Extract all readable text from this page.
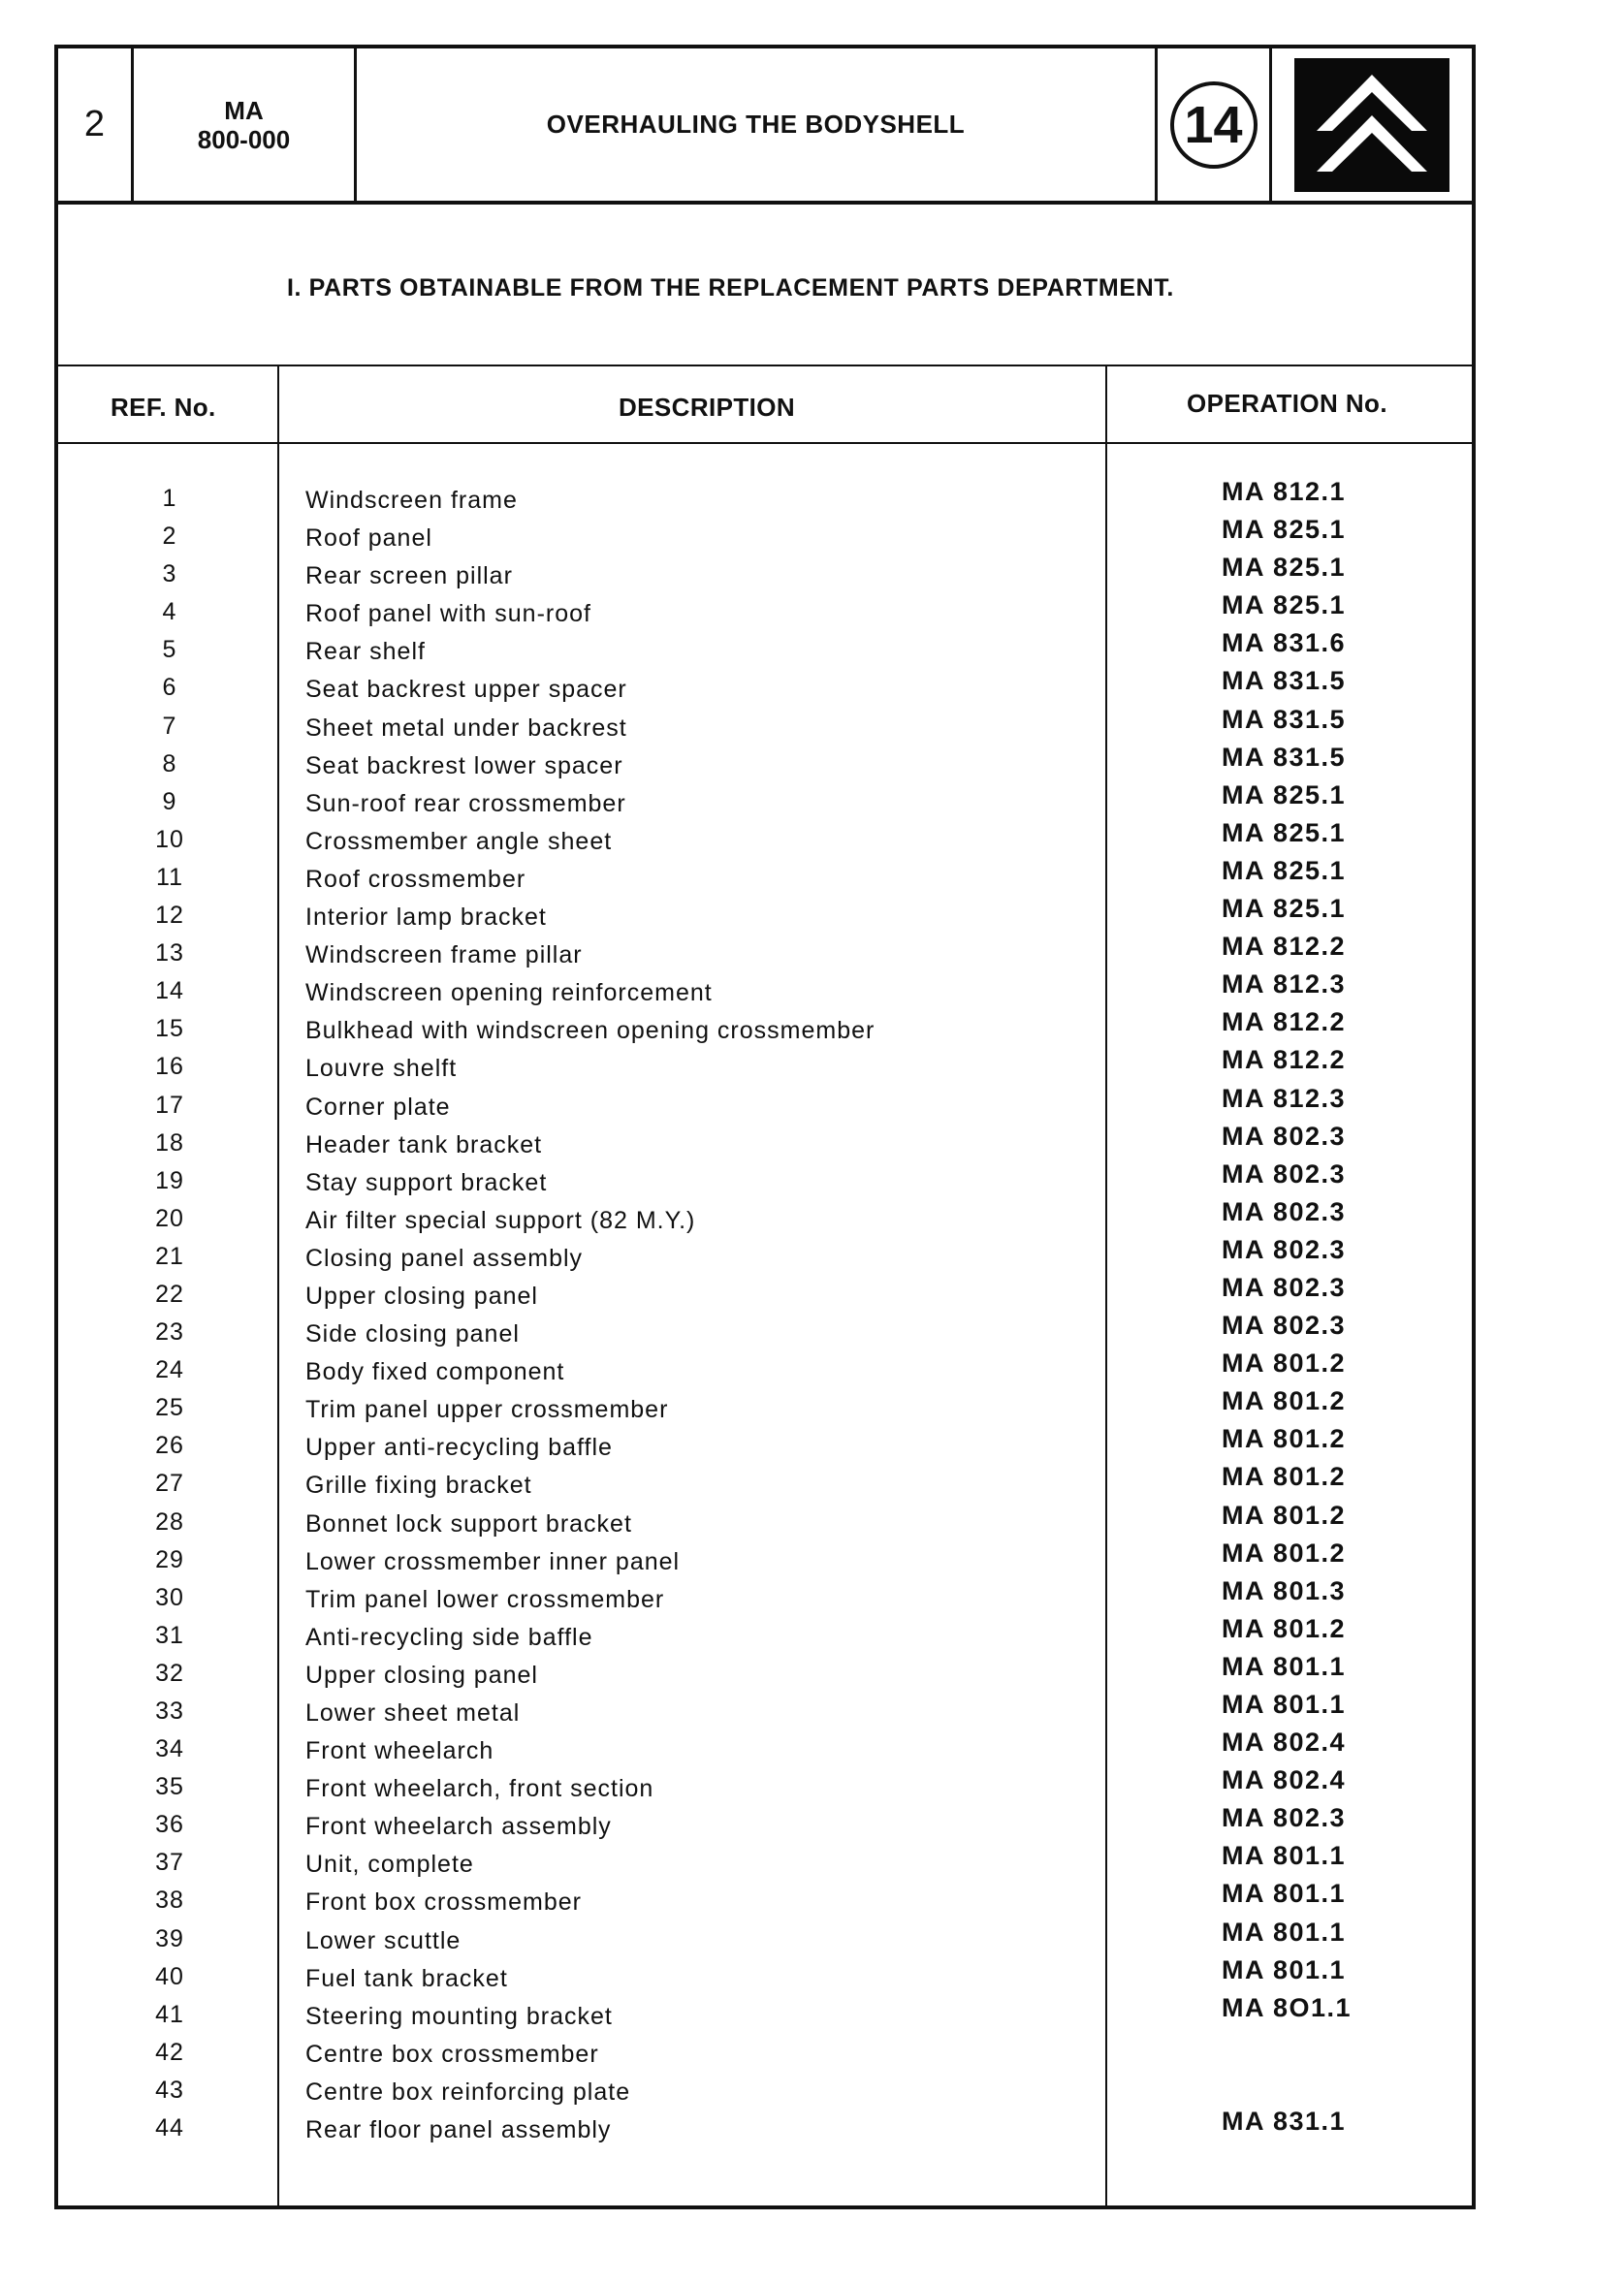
2	MA
800-000
OVERHAULING THE BODYSHELL	14
I. PARTS OBTAINABLE FROM THE REPLACEMENT PARTS DEPARTMENT.
REF. No.	DESCRIPTION	OPERATION No.
1	Windscreen frame	MA 812.1
2	Roof panel	MA 825.1
3	Rear screen pillar	MA 825.1
4	Roof panel with sun-roof	MA 825.1
5	Rear shelf	MA 831.6
6	Seat backrest upper spacer	MA 831.5
7	Sheet metal under backrest	MA 831.5
8	Seat backrest lower spacer	MA 831.5
9	Sun-roof rear crossmember	MA 825.1
10	Crossmember angle sheet	MA 825.1
11	Roof crossmember	MA 825.1
12	Interior lamp bracket	MA 825.1
13	Windscreen frame pillar	MA 812.2
14	Windscreen opening reinforcement	MA 812.3
15	Bulkhead with windscreen opening crossmember	MA 812.2
16	Louvre shelft	MA 812.2
17	Corner plate	MA 812.3
18	Header tank bracket	MA 802.3
19	Stay support bracket	MA 802.3
20	Air filter special support (82 M.Y.)	MA 802.3
21	Closing panel assembly	MA 802.3
22	Upper closing panel	MA 802.3
23	Side closing panel	MA 802.3
24	Body fixed component	MA 801.2
25	Trim panel upper crossmember	MA 801.2
26	Upper anti-recycling baffle	MA 801.2
27	Grille fixing bracket	MA 801.2
28	Bonnet lock support bracket	MA 801.2
29	Lower crossmember inner panel	MA 801.2
30	Trim panel lower crossmember	MA 801.3
31	Anti-recycling side baffle	MA 801.2
32	Upper closing panel	MA 801.1
33	Lower sheet metal	MA 801.1
34	Front wheelarch	MA 802.4
35	Front wheelarch, front section	MA 802.4
36	Front wheelarch assembly	MA 802.3
37	Unit, complete	MA 801.1
38	Front box crossmember	MA 801.1
39	Lower scuttle	MA 801.1
40	Fuel tank bracket	MA 801.1
41	Steering mounting bracket	MA 8O1.1
42	Centre box crossmember
43	Centre box reinforcing plate
44	Rear floor panel assembly	MA 831.1
